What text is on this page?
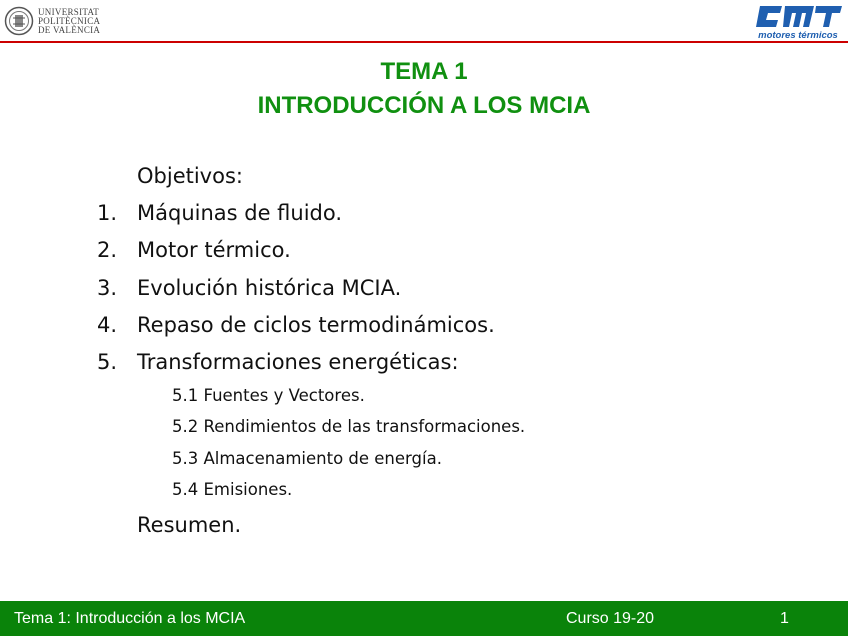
UNIVERSITAT
POLITÈCNICA
DE VALÈNCIA
motores térmicos
TEMA 1
INTRODUCCIÓN A LOS MCIA
Objetivos:
1. Máquinas de fluido.
2. Motor térmico.
3. Evolución histórica MCIA.
4. Repaso de ciclos termodinámicos.
5. Transformaciones energéticas:
5.1 Fuentes y Vectores.
5.2 Rendimientos de las transformaciones.
5.3 Almacenamiento de energía.
5.4 Emisiones.
Resumen.
Tema 1: Introducción a los MCIA	Curso 19-20	1
